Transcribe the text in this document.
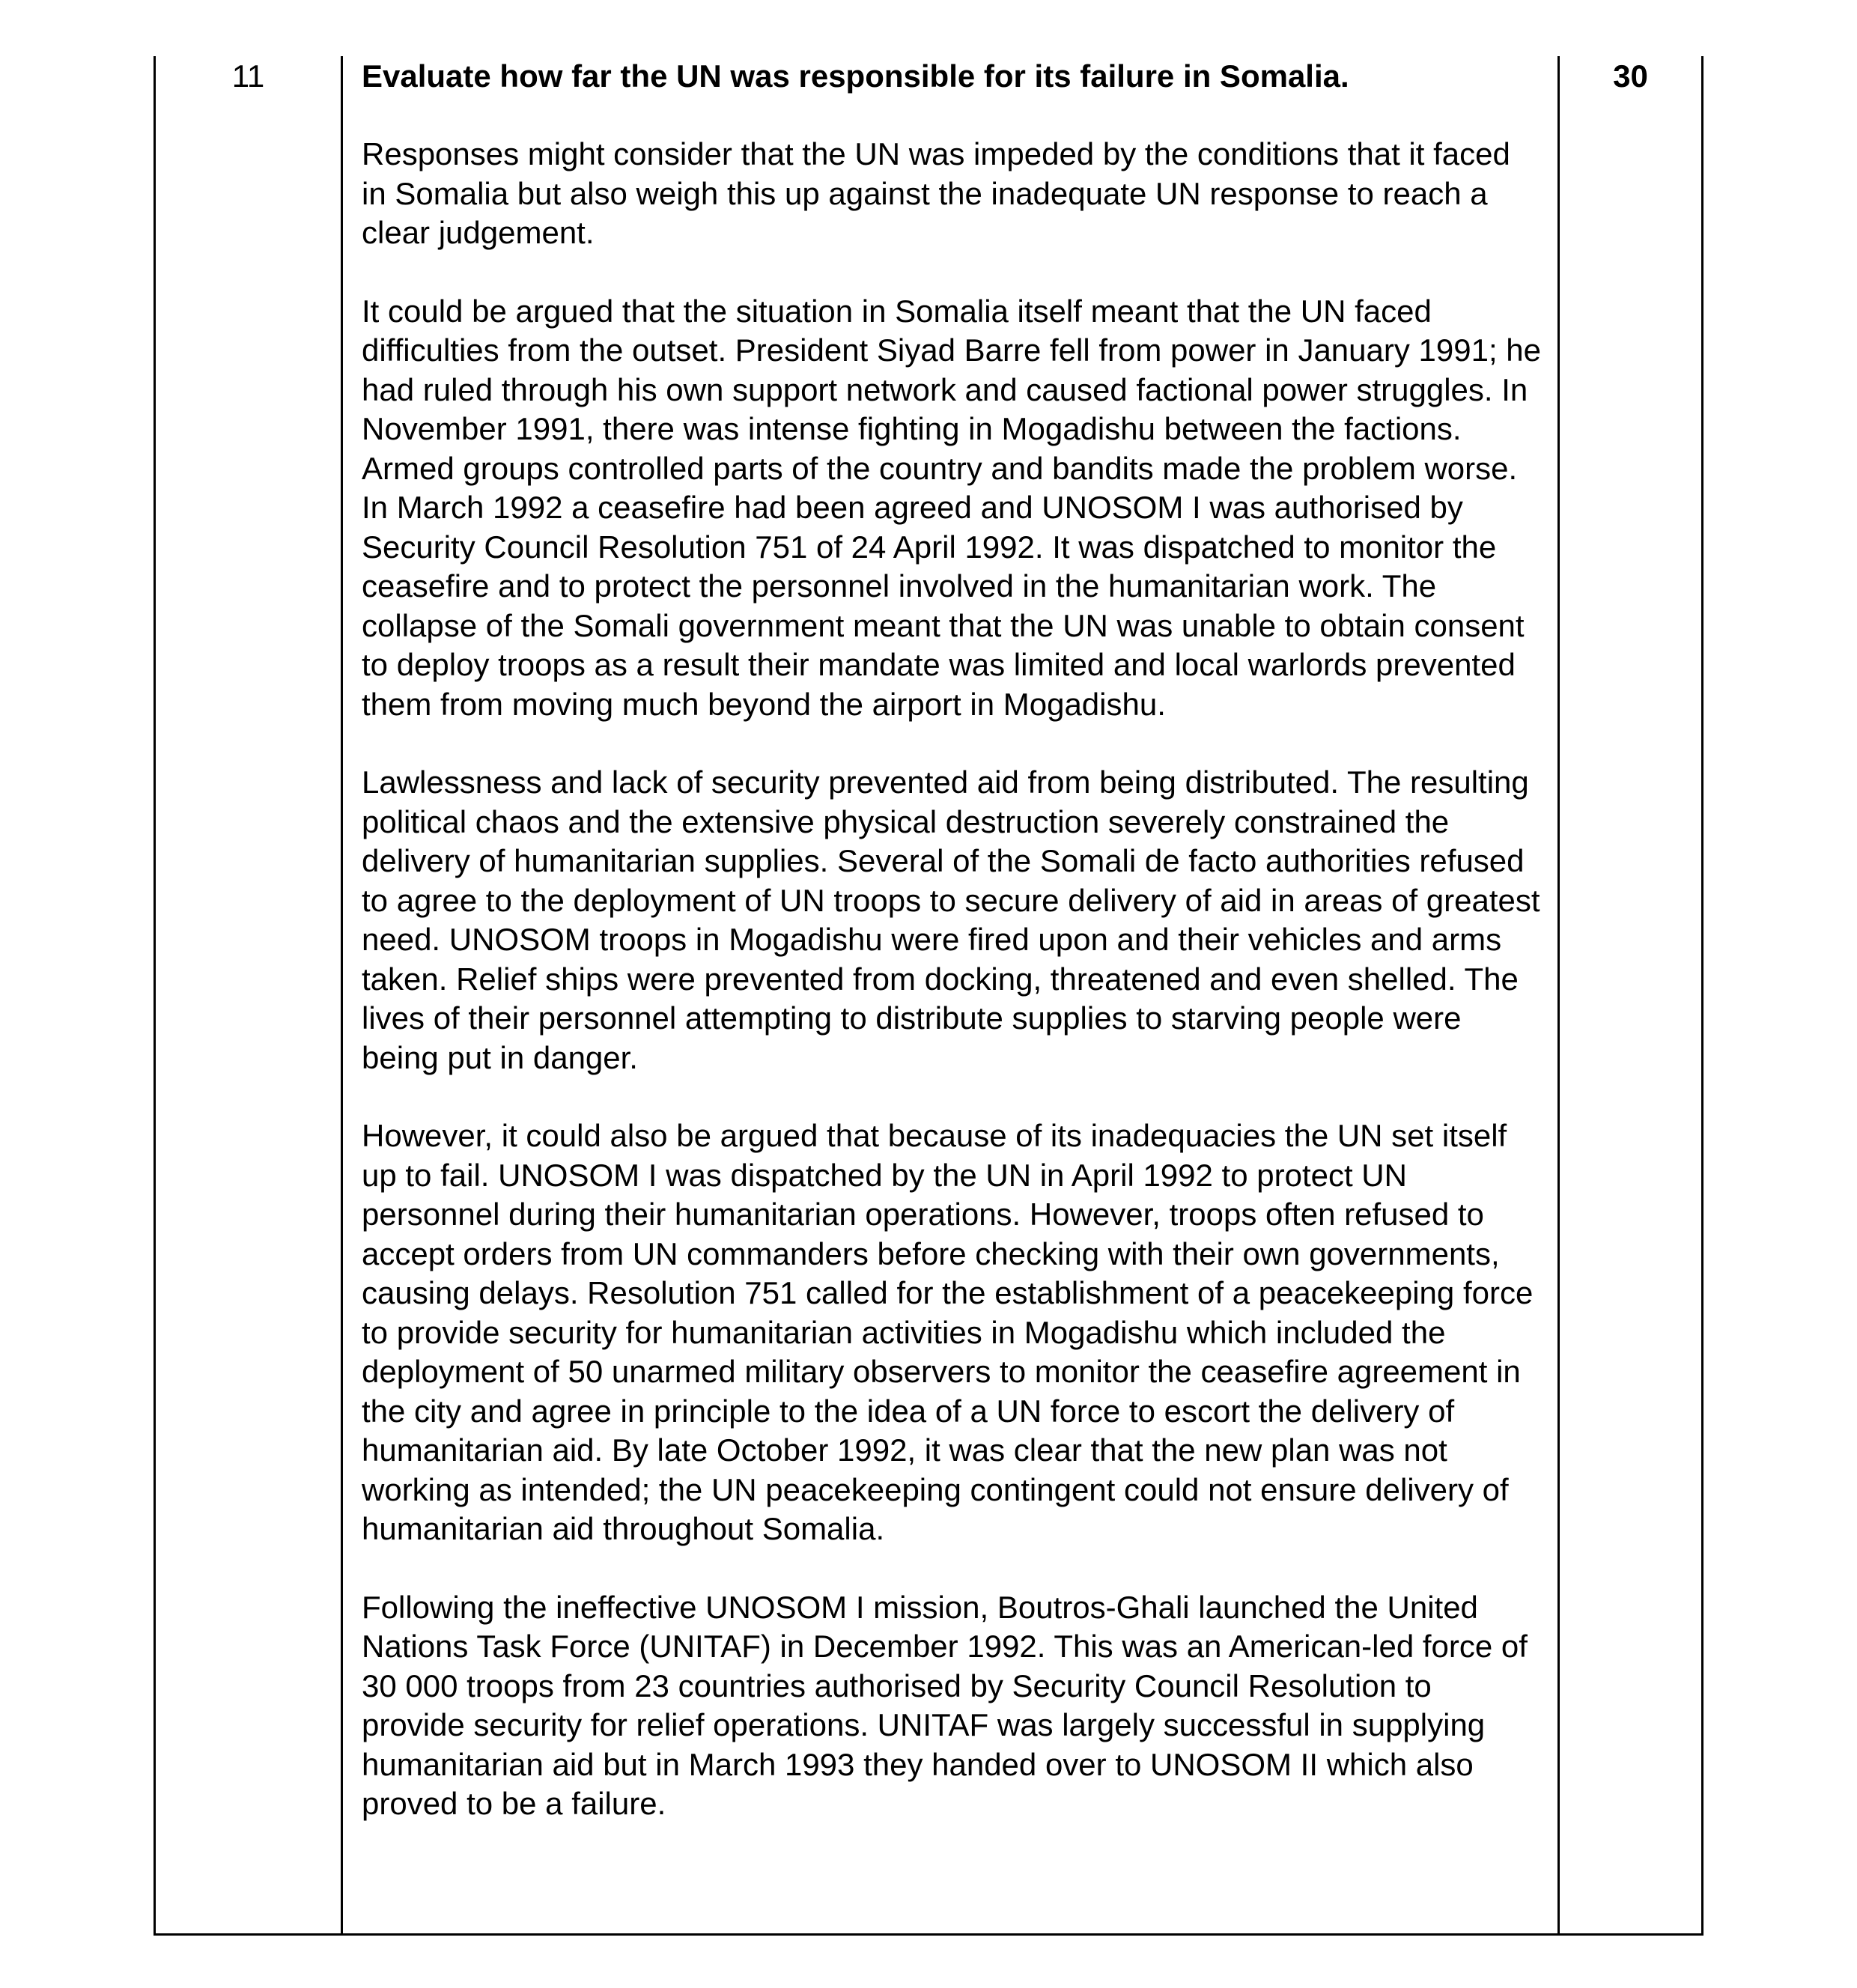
11	Evaluate how far the UN was responsible for its failure in Somalia.

Responses might consider that the UN was impeded by the conditions that it faced in Somalia but also weigh this up against the inadequate UN response to reach a clear judgement.

It could be argued that the situation in Somalia itself meant that the UN faced difficulties from the outset. President Siyad Barre fell from power in January 1991; he had ruled through his own support network and caused factional power struggles. In November 1991, there was intense fighting in Mogadishu between the factions. Armed groups controlled parts of the country and bandits made the problem worse. In March 1992 a ceasefire had been agreed and UNOSOM I was authorised by Security Council Resolution 751 of 24 April 1992. It was dispatched to monitor the ceasefire and to protect the personnel involved in the humanitarian work. The collapse of the Somali government meant that the UN was unable to obtain consent to deploy troops as a result their mandate was limited and local warlords prevented them from moving much beyond the airport in Mogadishu.

Lawlessness and lack of security prevented aid from being distributed. The resulting political chaos and the extensive physical destruction severely constrained the delivery of humanitarian supplies. Several of the Somali de facto authorities refused to agree to the deployment of UN troops to secure delivery of aid in areas of greatest need. UNOSOM troops in Mogadishu were fired upon and their vehicles and arms taken. Relief ships were prevented from docking, threatened and even shelled. The lives of their personnel attempting to distribute supplies to starving people were being put in danger.

However, it could also be argued that because of its inadequacies the UN set itself up to fail. UNOSOM I was dispatched by the UN in April 1992 to protect UN personnel during their humanitarian operations. However, troops often refused to accept orders from UN commanders before checking with their own governments, causing delays. Resolution 751 called for the establishment of a peacekeeping force to provide security for humanitarian activities in Mogadishu which included the deployment of 50 unarmed military observers to monitor the ceasefire agreement in the city and agree in principle to the idea of a UN force to escort the delivery of humanitarian aid. By late October 1992, it was clear that the new plan was not working as intended; the UN peacekeeping contingent could not ensure delivery of humanitarian aid throughout Somalia.

Following the ineffective UNOSOM I mission, Boutros-Ghali launched the United Nations Task Force (UNITAF) in December 1992. This was an American-led force of 30 000 troops from 23 countries authorised by Security Council Resolution to provide security for relief operations. UNITAF was largely successful in supplying humanitarian aid but in March 1993 they handed over to UNOSOM II which also proved to be a failure.

30
